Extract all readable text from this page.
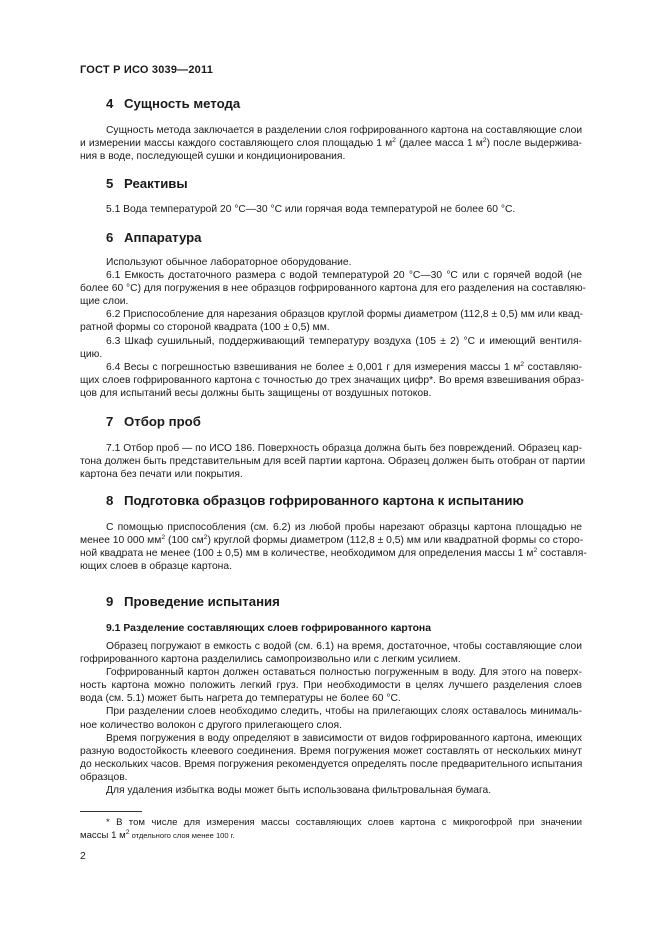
ГОСТ Р ИСО 3039—2011
4 Сущность метода
Сущность метода заключается в разделении слоя гофрированного картона на составляющие слои
и измерении массы каждого составляющего слоя площадью 1 $м^2$ (далее масса 1 $м^2$) после выдержива-
ния в воде, последующей сушки и кондиционирования.
5 Реактивы
5.1 Вода температурой 20 °С—30 °С или горячая вода температурой не более 60 °С.
6 Аппаратура
Используют обычное лабораторное оборудование.
6.1 Емкость достаточного размера с водой температурой 20 °С—30 °С или с горячей водой (не
более 60 °С) для погружения в нее образцов гофрированного картона для его разделения на составляю-
щие слои.
6.2 Приспособление для нарезания образцов круглой формы диаметром (112,8 ± 0,5) мм или квад-
ратной формы со стороной квадрата (100 ± 0,5) мм.
6.3 Шкаф сушильный, поддерживающий температуру воздуха (105 ± 2) °С и имеющий вентиля-
цию.
6.4 Весы с погрешностью взвешивания не более ± 0,001 г для измерения массы 1 $м^2$ составляю-
щих слоев гофрированного картона с точностью до трех значащих цифр*. Во время взвешивания образ-
цов для испытаний весы должны быть защищены от воздушных потоков.
7 Отбор проб
7.1 Отбор проб — по ИСО 186. Поверхность образца должна быть без повреждений. Образец кар-
тона должен быть представительным для всей партии картона. Образец должен быть отобран от партии
картона без печати или покрытия.
8 Подготовка образцов гофрированного картона к испытанию
С помощью приспособления (см. 6.2) из любой пробы нарезают образцы картона площадью не
менее 10 000 $мм^2$ (100 $см^2$) круглой формы диаметром (112,8 ± 0,5) мм или квадратной формы со сторо-
ной квадрата не менее (100 ± 0,5) мм в количестве, необходимом для определения массы 1 $м^2$ составля-
ющих слоев в образце картона.
9 Проведение испытания
9.1 Разделение составляющих слоев гофрированного картона
Образец погружают в емкость с водой (см. 6.1) на время, достаточное, чтобы составляющие слои
гофрированного картона разделились самопроизвольно или с легким усилием.
Гофрированный картон должен оставаться полностью погруженным в воду. Для этого на поверх-
ность картона можно положить легкий груз. При необходимости в целях лучшего разделения слоев
вода (см. 5.1) может быть нагрета до температуры не более 60 °С.
При разделении слоев необходимо следить, чтобы на прилегающих слоях оставалось минималь-
ное количество волокон с другого прилегающего слоя.
Время погружения в воду определяют в зависимости от видов гофрированного картона, имеющих
разную водостойкость клеевого соединения. Время погружения может составлять от нескольких минут
до нескольких часов. Время погружения рекомендуется определять после предварительного испытания
образцов.
Для удаления избытка воды может быть использована фильтровальная бумага.
* В том числе для измерения массы составляющих слоев картона с микрогофрой при значении
массы 1 $м^2$ отдельного слоя менее 100 г.
2
